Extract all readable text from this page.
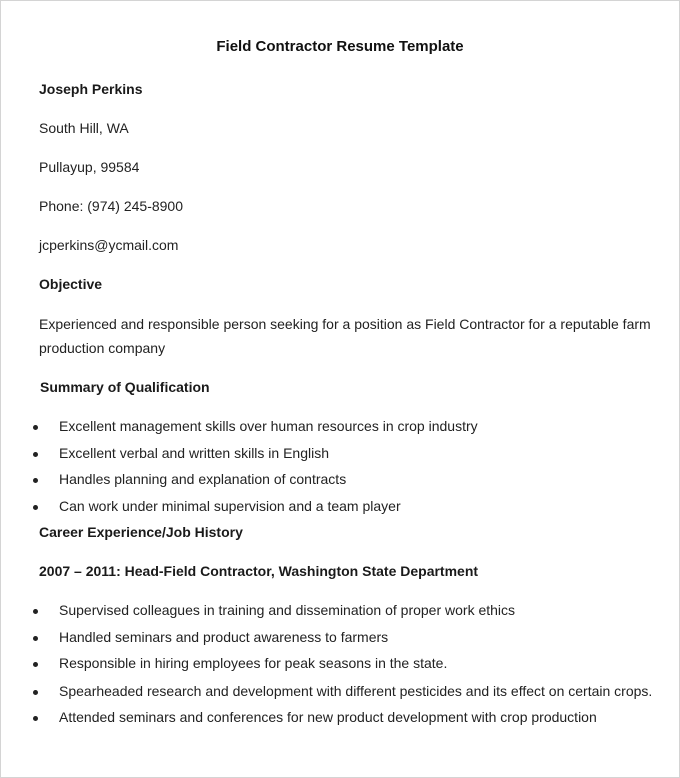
Field Contractor Resume Template
Joseph Perkins
South Hill, WA
Pullayup, 99584
Phone: (974) 245-8900
jcperkins@ycmail.com
Objective
Experienced and responsible person seeking for a position as Field Contractor for a reputable farm production company
Summary of Qualification
Excellent management skills over human resources in crop industry
Excellent verbal and written skills in English
Handles planning and explanation of contracts
Can work under minimal supervision and a team player
Career Experience/Job History
2007 – 2011: Head-Field Contractor, Washington State Department
Supervised colleagues in training and dissemination of proper work ethics
Handled seminars and product awareness to farmers
Responsible in hiring employees for peak seasons in the state.
Spearheaded research and development with different pesticides and its effect on certain crops.
Attended seminars and conferences for new product development with crop production
